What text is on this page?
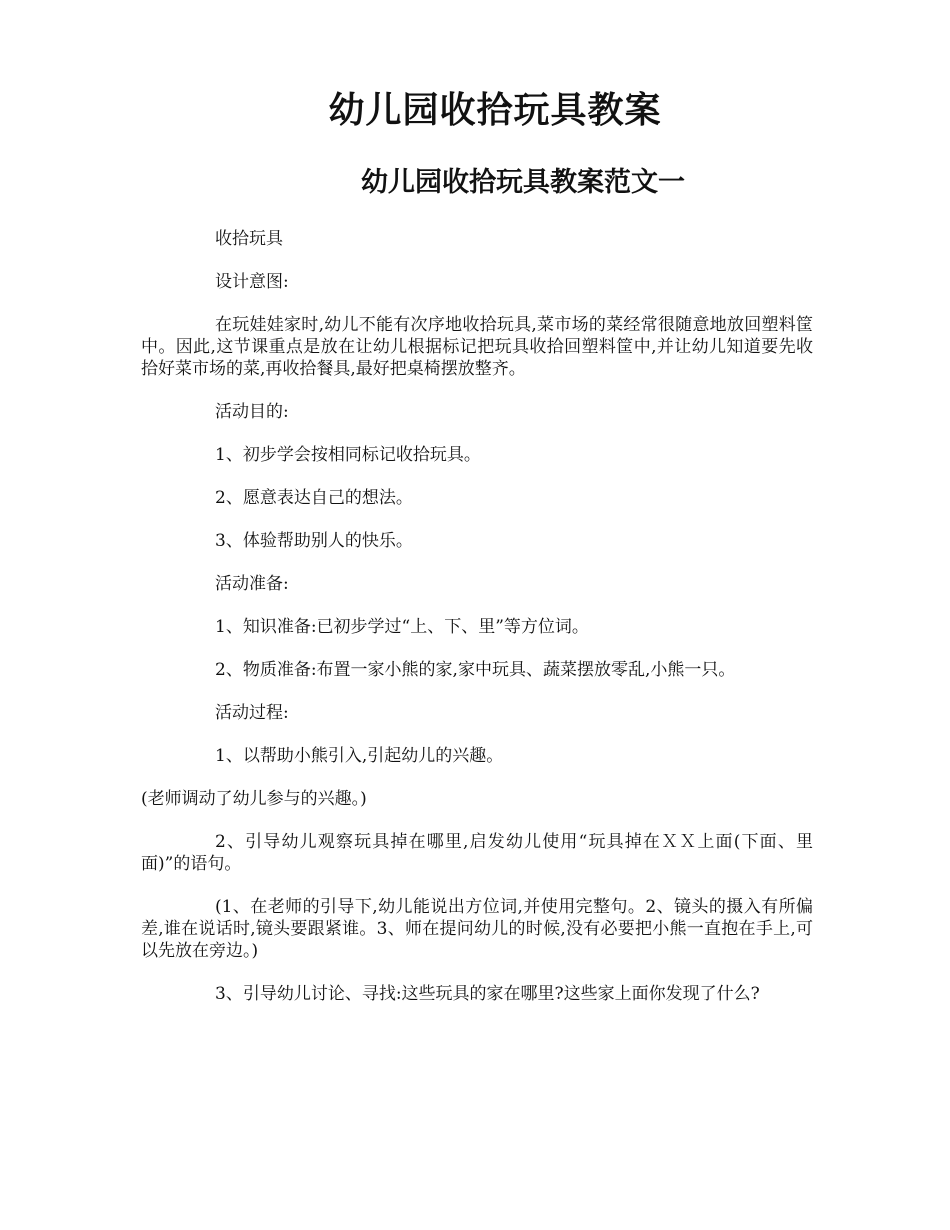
幼儿园收拾玩具教案
幼儿园收拾玩具教案范文一

收拾玩具

设计意图:

在玩娃娃家时,幼儿不能有次序地收拾玩具,菜市场的菜经常很随意地放回塑料筐中。因此,这节课重点是放在让幼儿根据标记把玩具收拾回塑料筐中,并让幼儿知道要先收拾好菜市场的菜,再收拾餐具,最好把桌椅摆放整齐。

活动目的:

1、初步学会按相同标记收拾玩具。

2、愿意表达自己的想法。

3、体验帮助别人的快乐。

活动准备:

1、知识准备:已初步学过“上、下、里”等方位词。

2、物质准备:布置一家小熊的家,家中玩具、蔬菜摆放零乱,小熊一只。

活动过程:

1、以帮助小熊引入,引起幼儿的兴趣。

(老师调动了幼儿参与的兴趣。)

2、引导幼儿观察玩具掉在哪里,启发幼儿使用“玩具掉在ＸＸ上面(下面、里面)”的语句。

(1、在老师的引导下,幼儿能说出方位词,并使用完整句。2、镜头的摄入有所偏差,谁在说话时,镜头要跟紧谁。3、师在提问幼儿的时候,没有必要把小熊一直抱在手上,可以先放在旁边。)

3、引导幼儿讨论、寻找:这些玩具的家在哪里?这些家上面你发现了什么?
